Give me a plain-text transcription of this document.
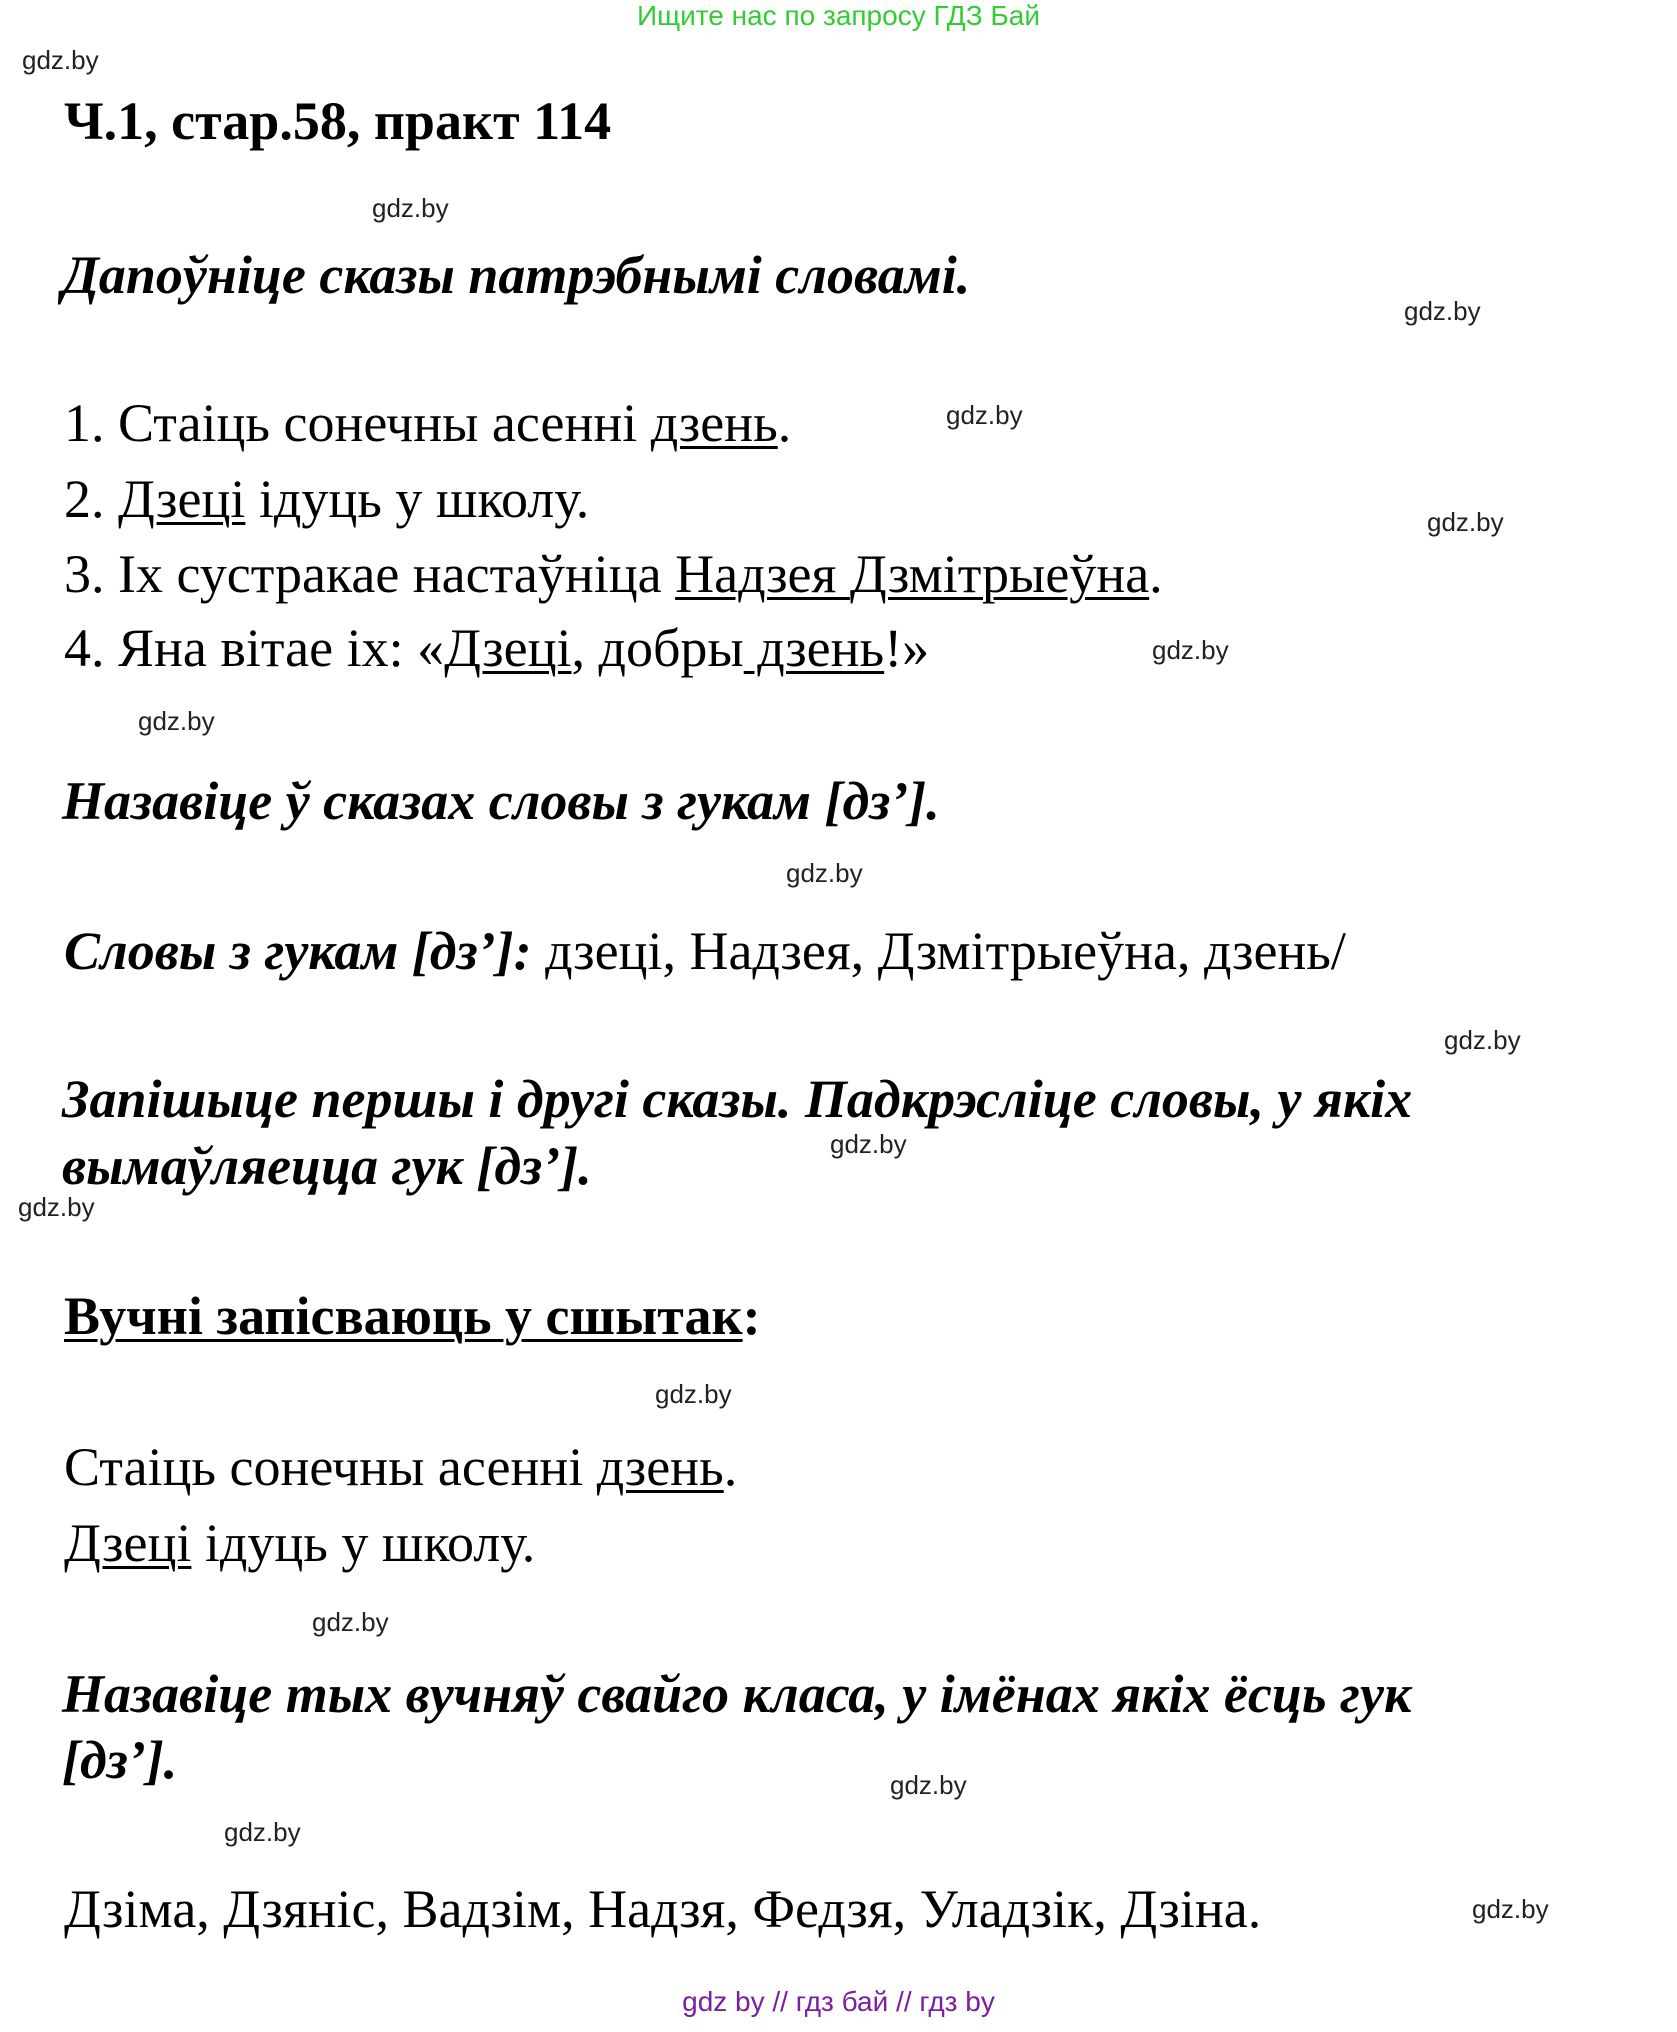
Ищите нас по запросу ГДЗ Бай
gdz.by
Ч.1, стар.58, практ 114
gdz.by
Дапоўніце сказы патрэбнымі словамі.
gdz.by
1. Стаіць сонечны асенні дзень.	gdz.by
2. Дзеці ідуць у школу.	gdz.by
3. Іх сустракае настаўніца Надзея Дзмітрыеўна.
4. Яна вітае іх: «Дзеці, добры дзень!»	gdz.by
gdz.by
Назавіце ў сказах словы з гукам [дз’].
gdz.by
Словы з гукам [дз’]: дзеці, Надзея, Дзмітрыеўна, дзень/
gdz.by
Запішыце першы і другі сказы. Падкрэсліце словы, у якіх
вымаўляецца гук [дз’].	gdz.by
gdz.by
Вучні запісваюць у сшытак:
gdz.by
Стаіць сонечны асенні дзень.
Дзеці ідуць у школу.
gdz.by
Назавіце тых вучняў свайго класа, у імёнах якіх ёсць гук
[дз’].	gdz.by
gdz.by
Дзіма, Дзяніс, Вадзім, Надзя, Федзя, Уладзік, Дзіна.	gdz.by
gdz by // гдз бай // гдз by
